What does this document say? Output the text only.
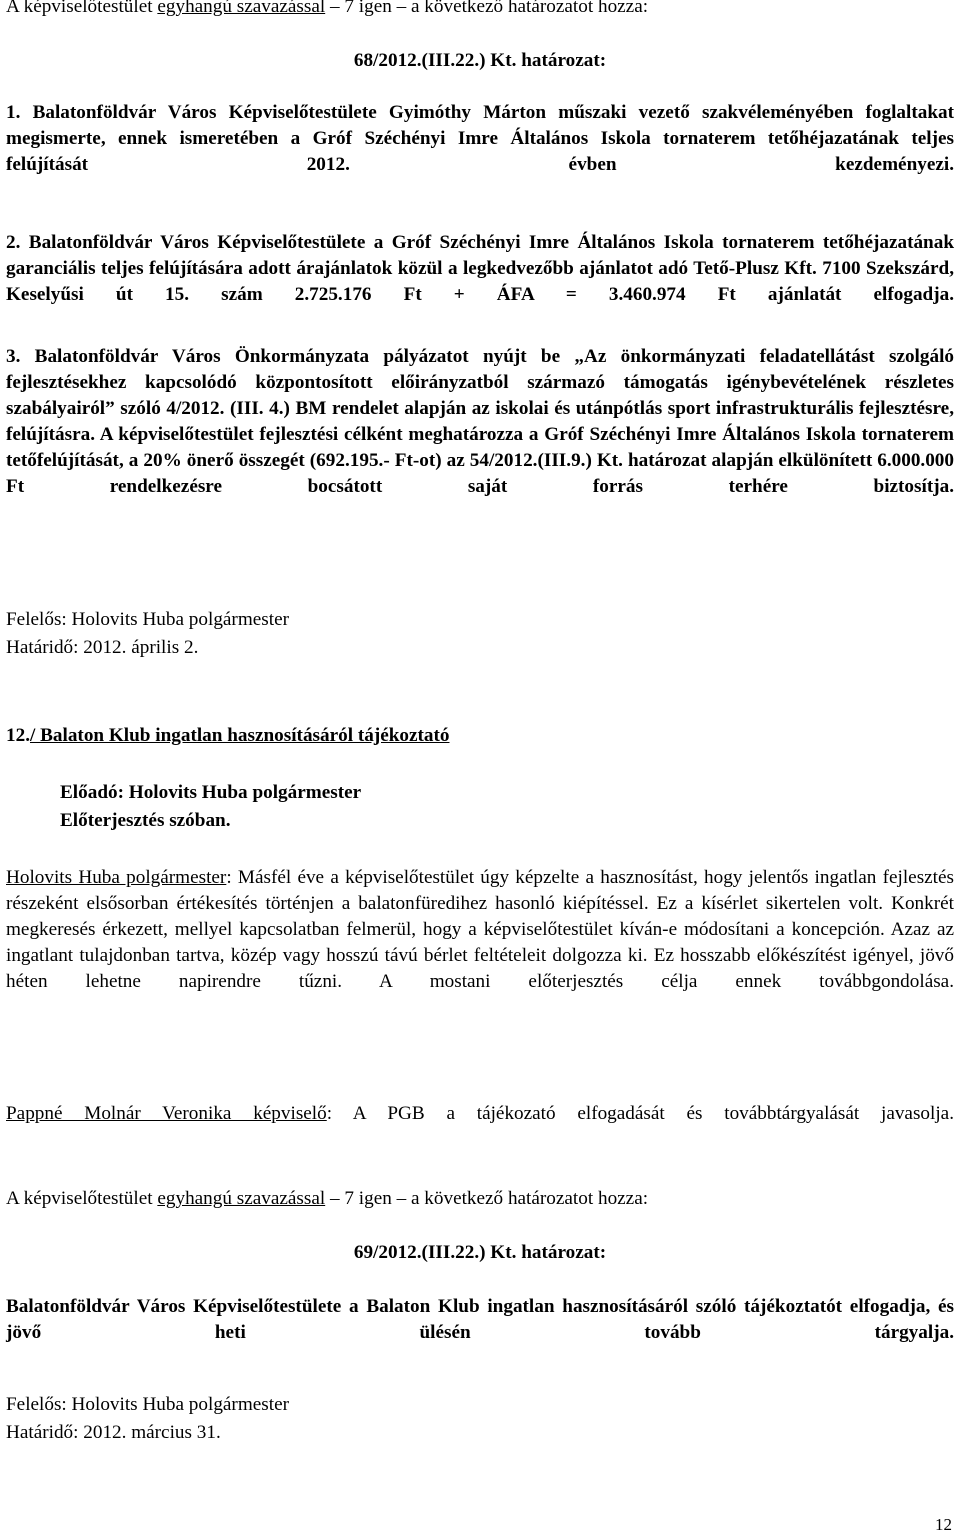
A képviselőtestület egyhangú szavazással – 7 igen – a következő határozatot hozza:

68/2012.(III.22.) Kt. határozat:

1. Balatonföldvár Város Képviselőtestülete Gyimóthy Márton műszaki vezető szakvéleményében foglaltakat megismerte, ennek ismeretében a Gróf Széchényi Imre Általános Iskola tornaterem tetőhéjazatának teljes felújítását 2012. évben kezdeményezi.

2. Balatonföldvár Város Képviselőtestülete a Gróf Széchényi Imre Általános Iskola tornaterem tetőhéjazatának garanciális teljes felújítására adott árajánlatok közül a legkedvezőbb ajánlatot adó Tető-Plusz Kft. 7100 Szekszárd, Keselyűsi út 15. szám 2.725.176 Ft + ÁFA = 3.460.974 Ft ajánlatát elfogadja.

3. Balatonföldvár Város Önkormányzata pályázatot nyújt be „Az önkormányzati feladatellátást szolgáló fejlesztésekhez kapcsolódó központosított előirányzatból származó támogatás igénybevételének részletes szabályairól” szóló 4/2012. (III. 4.) BM rendelet alapján az iskolai és utánpótlás sport infrastrukturális fejlesztésre, felújításra. A képviselőtestület fejlesztési célként meghatározza a Gróf Széchényi Imre Általános Iskola tornaterem tetőfelújítását, a 20% önerő összegét (692.195.- Ft-ot) az 54/2012.(III.9.) Kt. határozat alapján elkülönített 6.000.000 Ft rendelkezésre bocsátott saját forrás terhére biztosítja.

Felelős: Holovits Huba polgármester

Határidő: 2012. április 2.

12./ Balaton Klub ingatlan hasznosításáról tájékoztató

Előadó: Holovits Huba polgármester

Előterjesztés szóban.

Holovits Huba polgármester: Másfél éve a képviselőtestület úgy képzelte a hasznosítást, hogy jelentős ingatlan fejlesztés részeként elsősorban értékesítés történjen a balatonfüredihez hasonló kiépítéssel. Ez a kísérlet sikertelen volt. Konkrét megkeresés érkezett, mellyel kapcsolatban felmerül, hogy a képviselőtestület kíván-e módosítani a koncepción. Azaz az ingatlant tulajdonban tartva, közép vagy hosszú távú bérlet feltételeit dolgozza ki. Ez hosszabb előkészítést igényel, jövő héten lehetne napirendre tűzni. A mostani előterjesztés célja ennek továbbgondolása.

Pappné Molnár Veronika képviselő: A PGB a tájékozató elfogadását és továbbtárgyalását javasolja.

A képviselőtestület egyhangú szavazással – 7 igen – a következő határozatot hozza:

69/2012.(III.22.) Kt. határozat:

Balatonföldvár Város Képviselőtestülete a Balaton Klub ingatlan hasznosításáról szóló tájékoztatót elfogadja, és jövő heti ülésén tovább tárgyalja.

Felelős: Holovits Huba polgármester

Határidő: 2012. március 31.

12
